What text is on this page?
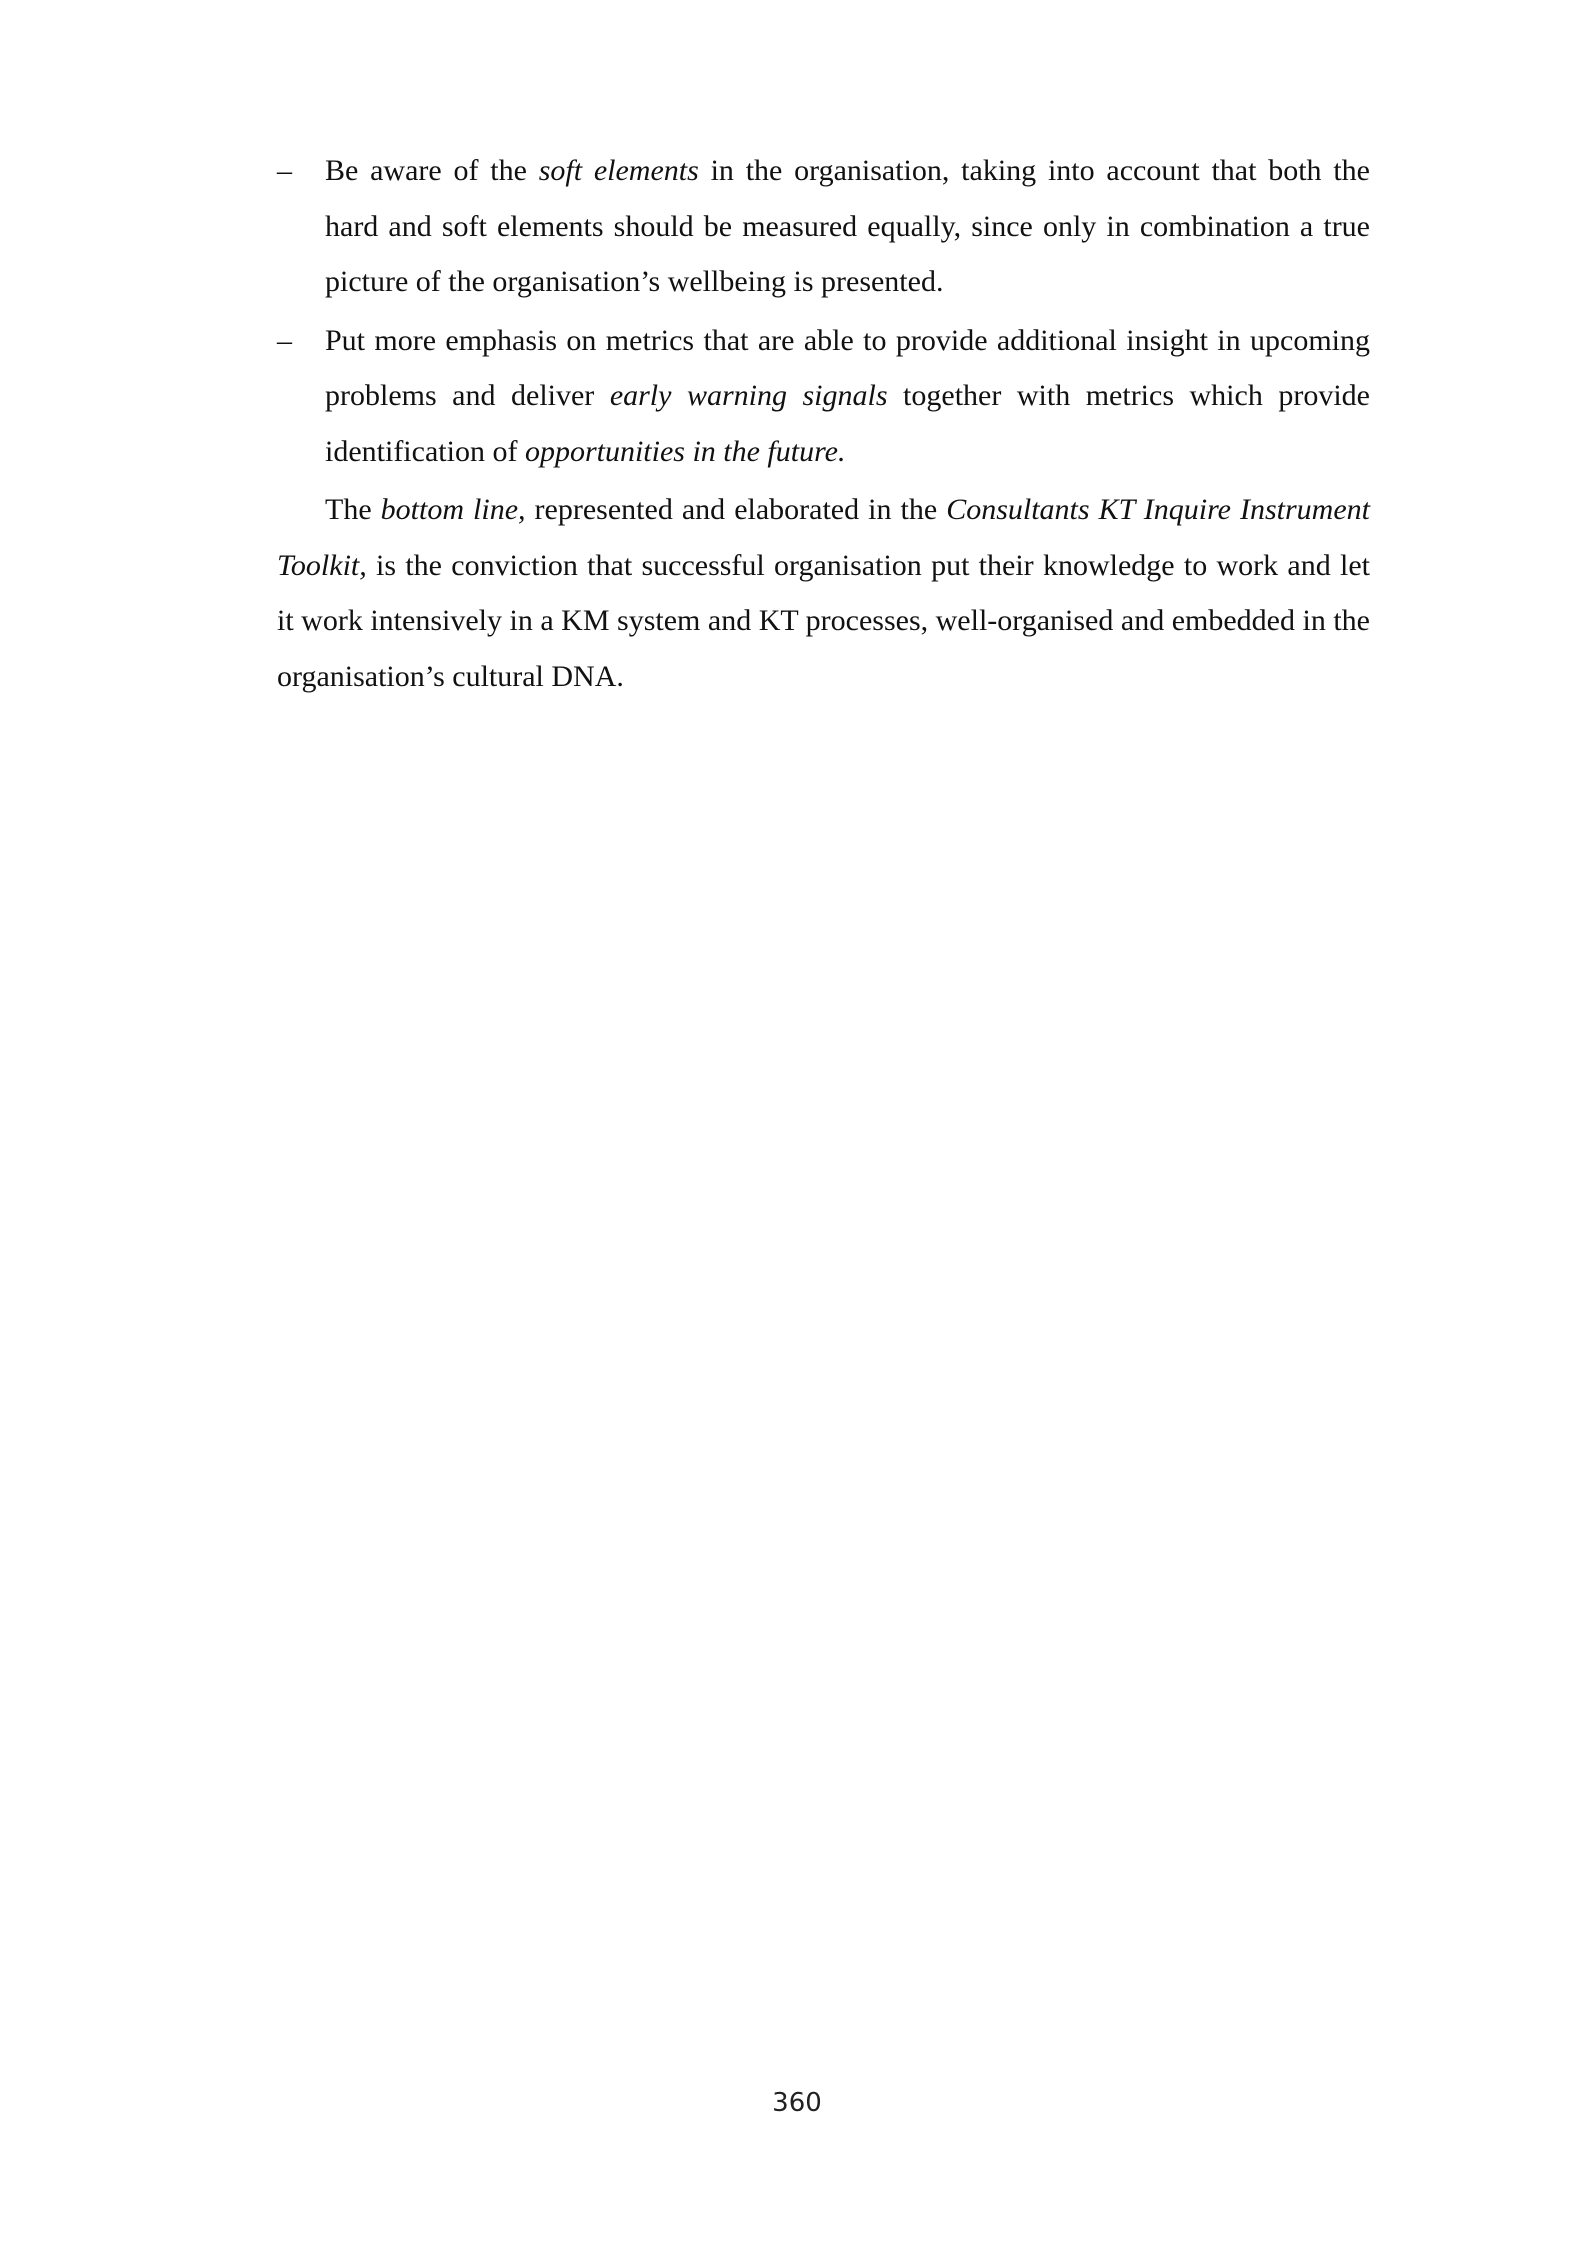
– Be aware of the soft elements in the organisation, taking into account that both the hard and soft elements should be measured equally, since only in combination a true picture of the organisation’s wellbeing is presented.
– Put more emphasis on metrics that are able to provide additional insight in upcoming problems and deliver early warning signals together with metrics which provide identification of opportunities in the future.

The bottom line, represented and elaborated in the Consultants KT Inquire Instrument Toolkit, is the conviction that successful organisation put their knowledge to work and let it work intensively in a KM system and KT processes, well-organised and embedded in the organisation’s cultural DNA.

360
